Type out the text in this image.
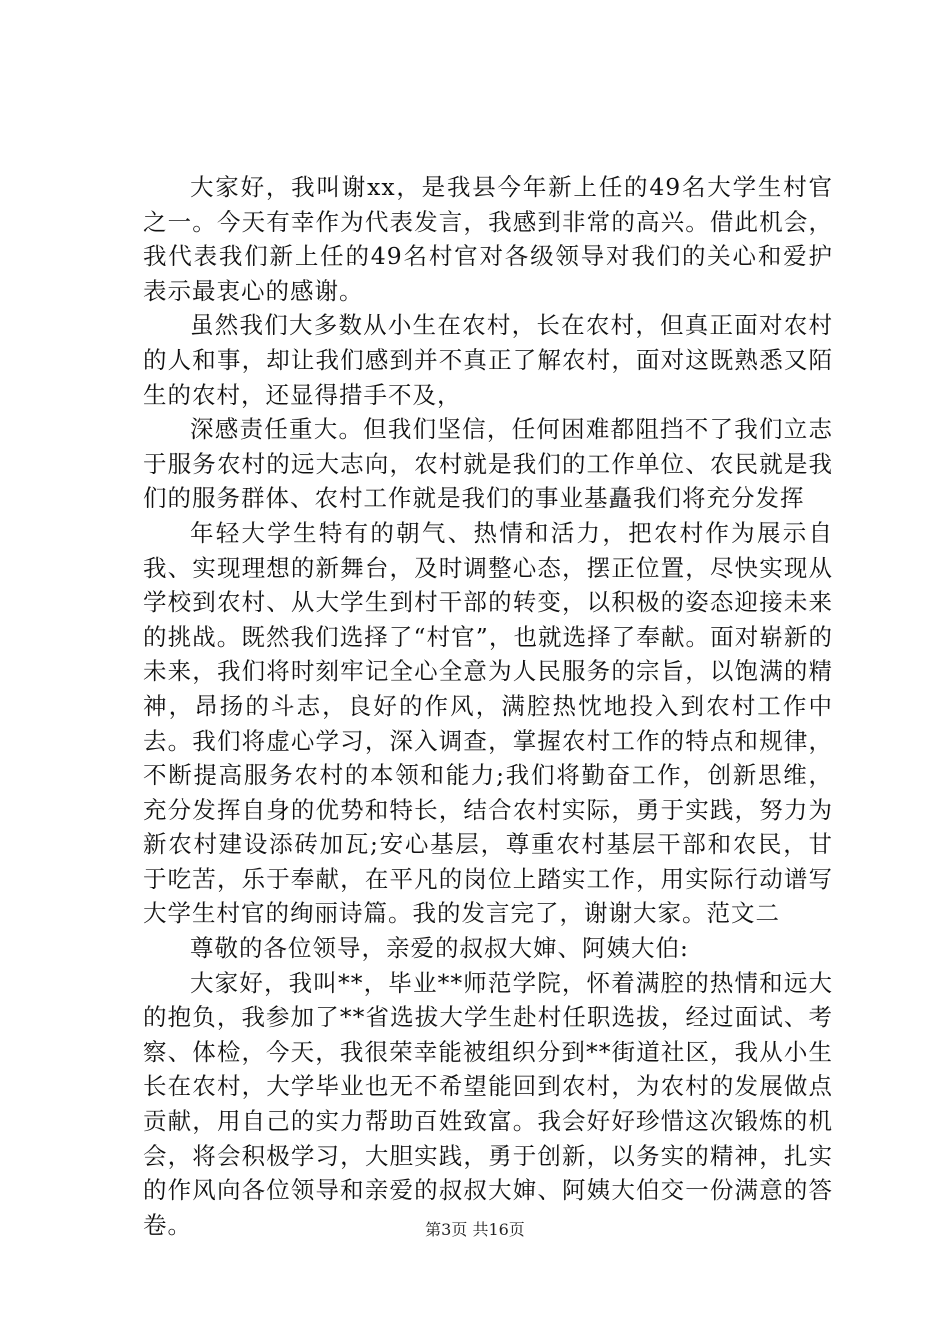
大家好，我叫谢xx，是我县今年新上任的49名大学生村官之一。今天有幸作为代表发言，我感到非常的高兴。借此机会，我代表我们新上任的49名村官对各级领导对我们的关心和爱护表示最衷心的感谢。

虽然我们大多数从小生在农村，长在农村，但真正面对农村的人和事，却让我们感到并不真正了解农村，面对这既熟悉又陌生的农村，还显得措手不及，

深感责任重大。但我们坚信，任何困难都阻挡不了我们立志于服务农村的远大志向，农村就是我们的工作单位、农民就是我们的服务群体、农村工作就是我们的事业基矗我们将充分发挥

年轻大学生特有的朝气、热情和活力，把农村作为展示自我、实现理想的新舞台，及时调整心态，摆正位置，尽快实现从学校到农村、从大学生到村干部的转变，以积极的姿态迎接未来的挑战。既然我们选择了“村官”，也就选择了奉献。面对崭新的未来，我们将时刻牢记全心全意为人民服务的宗旨，以饱满的精神，昂扬的斗志，良好的作风，满腔热忱地投入到农村工作中去。我们将虚心学习，深入调查，掌握农村工作的特点和规律，不断提高服务农村的本领和能力;我们将勤奋工作，创新思维，充分发挥自身的优势和特长，结合农村实际，勇于实践，努力为新农村建设添砖加瓦;安心基层，尊重农村基层干部和农民，甘于吃苦，乐于奉献，在平凡的岗位上踏实工作，用实际行动谱写大学生村官的绚丽诗篇。我的发言完了，谢谢大家。范文二

尊敬的各位领导，亲爱的叔叔大婶、阿姨大伯:

大家好，我叫**，毕业**师范学院，怀着满腔的热情和远大的抱负，我参加了**省选拔大学生赴村任职选拔，经过面试、考察、体检，今天，我很荣幸能被组织分到**街道社区，我从小生长在农村，大学毕业也无不希望能回到农村，为农村的发展做点贡献，用自己的实力帮助百姓致富。我会好好珍惜这次锻炼的机会，将会积极学习，大胆实践，勇于创新，以务实的精神，扎实的作风向各位领导和亲爱的叔叔大婶、阿姨大伯交一份满意的答卷。	第3页 共16页
